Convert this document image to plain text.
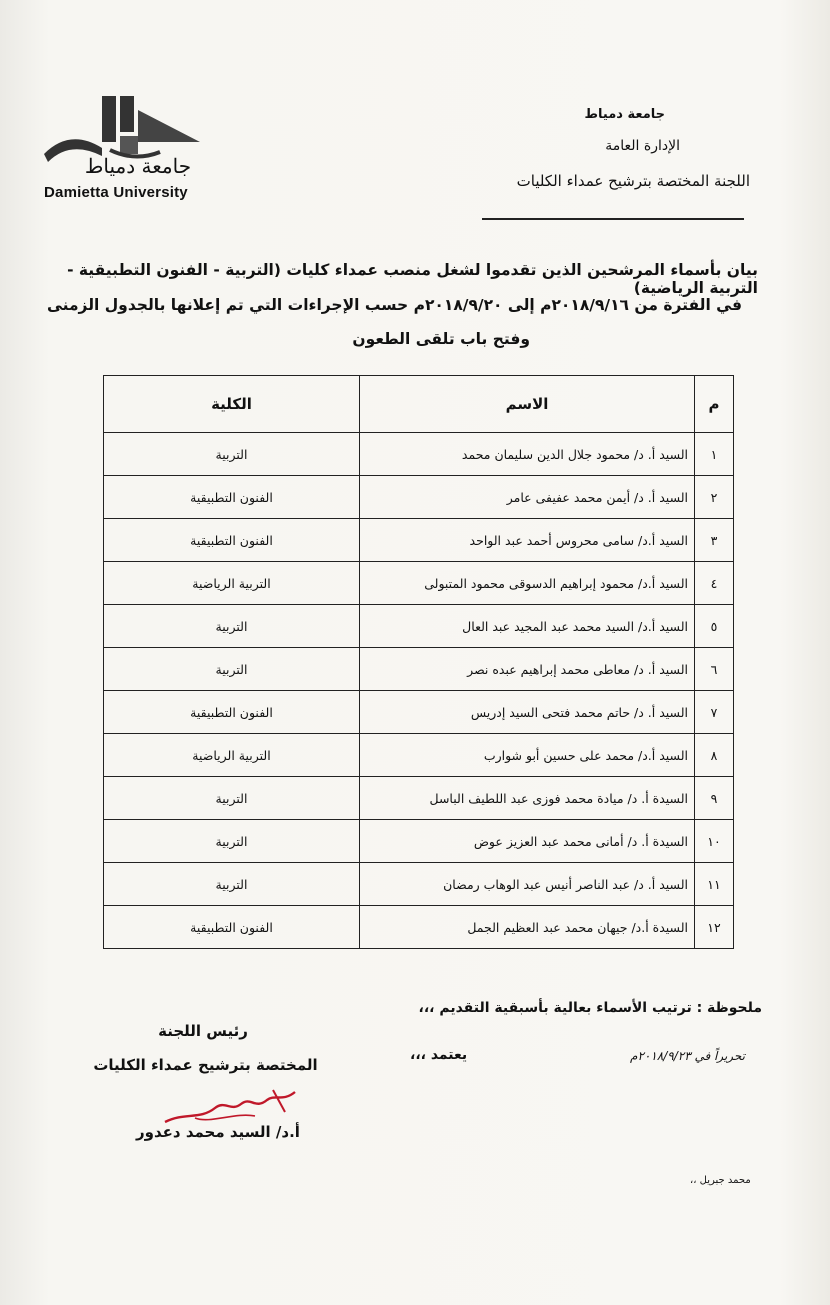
جامعة دمياط
Damietta University
جامعة دمياط
الإدارة العامة
اللجنة المختصة بترشيح عمداء الكليات
بيان بأسماء المرشحين الذين تقدموا لشغل منصب عمداء كليات (التربية - الفنون التطبيقية - التربية الرياضية)
في الفترة من ٢٠١٨/٩/١٦م إلى ٢٠١٨/٩/٢٠م حسب الإجراءات التي تم إعلانها بالجدول الزمنى
وفتح باب تلقى الطعون
م	الاسم	الكلية
١	السيد أ. د/ محمود جلال الدين سليمان محمد	التربية
٢	السيد أ. د/ أيمن محمد عفيفى عامر	الفنون التطبيقية
٣	السيد أ.د/ سامى محروس أحمد عبد الواحد	الفنون التطبيقية
٤	السيد أ.د/ محمود إبراهيم الدسوقى محمود المتبولى	التربية الرياضية
٥	السيد أ.د/ السيد محمد عبد المجيد عبد العال	التربية
٦	السيد أ. د/ معاطى محمد إبراهيم عبده نصر	التربية
٧	السيد أ. د/ حاتم محمد فتحى السيد إدريس	الفنون التطبيقية
٨	السيد أ.د/ محمد على حسين أبو شوارب	التربية الرياضية
٩	السيدة أ. د/ ميادة محمد فوزى عبد اللطيف الباسل	التربية
١٠	السيدة أ. د/ أمانى محمد عبد العزيز عوض	التربية
١١	السيد أ. د/ عبد الناصر أنيس عبد الوهاب رمضان	التربية
١٢	السيدة أ.د/ جيهان محمد عبد العظيم الجمل	الفنون التطبيقية
ملحوظة : ترتيب الأسماء بعالية بأسبقية التقديم ،،،
رئيس اللجنة
المختصة بترشيح عمداء الكليات
يعتمد ،،،	تحريراً في ٢٠١٨/٩/٢٣م
أ.د/ السيد محمد دعدور
محمد جبريل ،،
